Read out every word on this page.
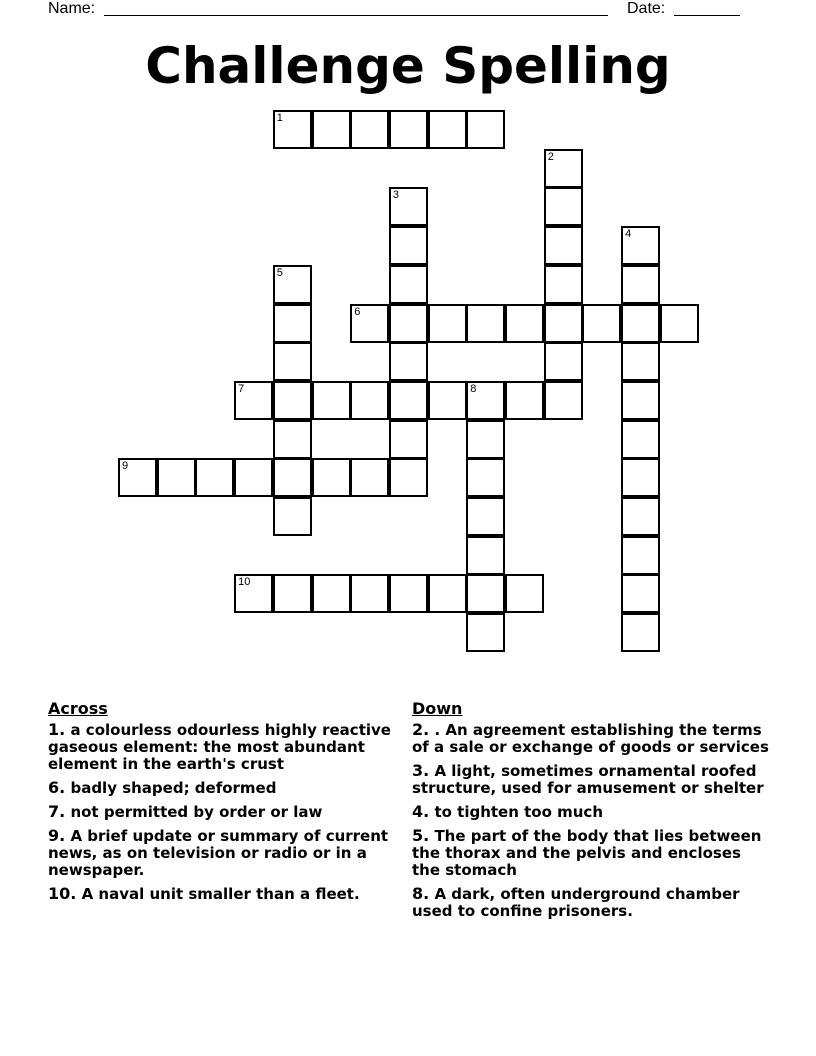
Name:	Date:
Challenge Spelling
1
2
3
4
5
6
7	8
9
10
Across
1. a colourless odourless highly reactive gaseous element: the most abundant element in the earth's crust
6. badly shaped; deformed
7. not permitted by order or law
9. A brief update or summary of current news, as on television or radio or in a newspaper.
10. A naval unit smaller than a fleet.
Down
2. . An agreement establishing the terms of a sale or exchange of goods or services
3. A light, sometimes ornamental roofed structure, used for amusement or shelter
4. to tighten too much
5. The part of the body that lies between the thorax and the pelvis and encloses the stomach
8. A dark, often underground chamber used to confine prisoners.
